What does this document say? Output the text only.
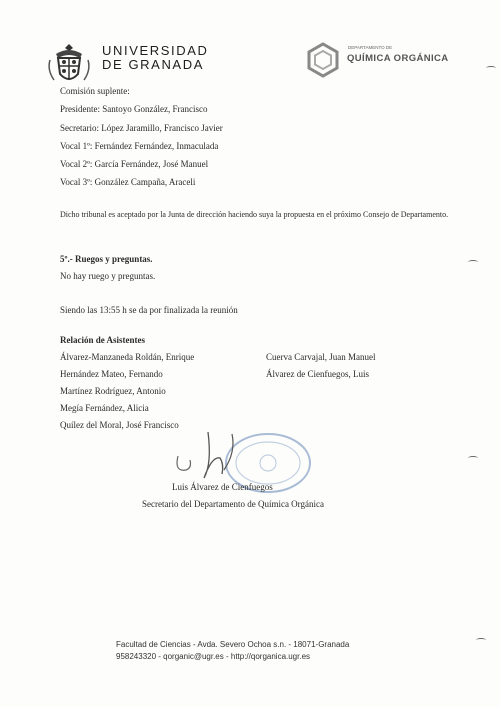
UNIVERSIDAD
DE GRANADA
DEPARTAMENTO DE
QUÍMICA ORGÁNICA
Comisión suplente:
Presidente: Santoyo González, Francisco
Secretario: López Jaramillo, Francisco Javier
Vocal 1º: Fernández Fernández, Inmaculada
Vocal 2º: García Fernández, José Manuel
Vocal 3º: González Campaña, Araceli
Dicho tribunal es aceptado por la Junta de dirección haciendo suya la propuesta en el próximo Consejo de Departamento.
5º.- Ruegos y preguntas.
No hay ruego y preguntas.
Siendo las 13:55 h se da por finalizada la reunión
Relación de Asistentes
Álvarez-Manzaneda Roldán, Enrique
Hernández Mateo, Fernando
Martínez Rodríguez, Antonio
Megía Fernández, Alicia
Quílez del Moral, José Francisco
Cuerva Carvajal, Juan Manuel
Álvarez de Cienfuegos, Luis
Luis Álvarez de Cienfuegos
Secretario del Departamento de Química Orgánica
Facultad de Ciencias - Avda. Severo Ochoa s.n. - 18071-Granada
958243320 - qorganic@ugr.es - http://qorganica.ugr.es
